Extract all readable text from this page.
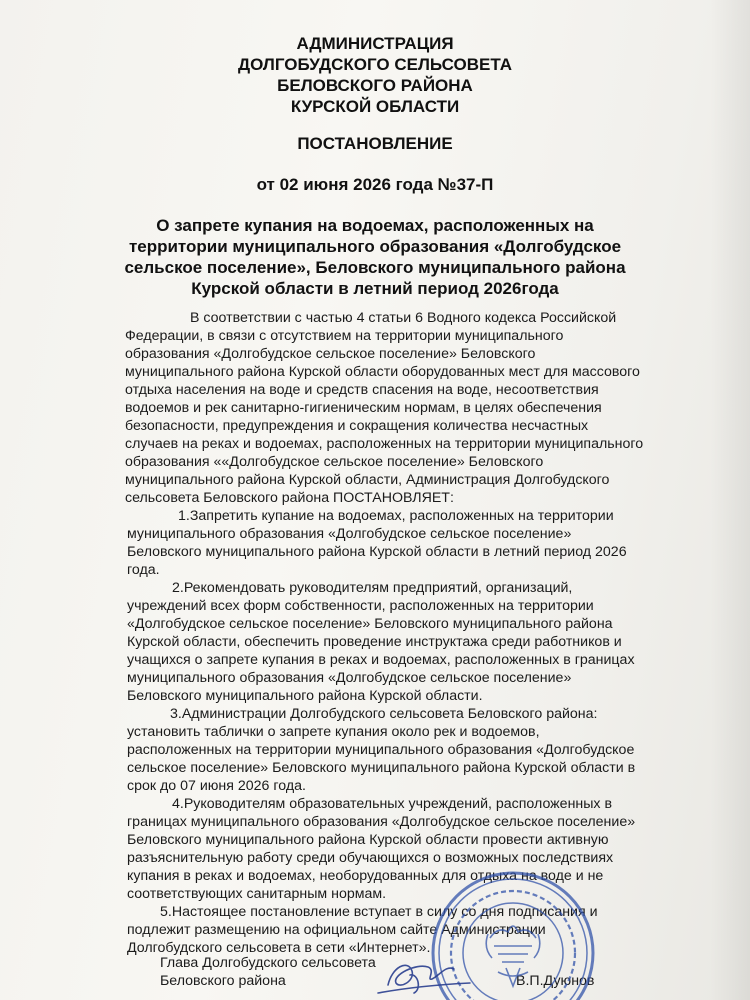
АДМИНИСТРАЦИЯ
ДОЛГОБУДСКОГО СЕЛЬСОВЕТА
БЕЛОВСКОГО РАЙОНА
КУРСКОЙ ОБЛАСТИ
ПОСТАНОВЛЕНИЕ
от 02 июня 2026 года №37-П
О запрете купания на водоемах, расположенных на
территории муниципального образования «Долгобудское
сельское поселение», Беловского муниципального района
Курской области в летний период 2026года
В соответствии с частью 4 статьи 6 Водного кодекса Российской
Федерации, в связи с отсутствием на территории муниципального
образования «Долгобудское сельское поселение» Беловского
муниципального района Курской области оборудованных мест для массового
отдыха населения на воде и средств спасения на воде, несоответствия
водоемов и рек санитарно-гигиеническим нормам, в целях обеспечения
безопасности, предупреждения и сокращения количества несчастных
случаев на реках и водоемах, расположенных на территории муниципального
образования ««Долгобудское сельское поселение» Беловского
муниципального района Курской области, Администрация Долгобудского
сельсовета Беловского района ПОСТАНОВЛЯЕТ:
1.Запретить купание на водоемах, расположенных на территории
муниципального образования «Долгобудское сельское поселение»
Беловского муниципального района Курской области в летний период 2026
года.
2.Рекомендовать руководителям предприятий, организаций,
учреждений всех форм собственности, расположенных на территории
«Долгобудское сельское поселение» Беловского муниципального района
Курской области, обеспечить проведение инструктажа среди работников и
учащихся о запрете купания в реках и водоемах, расположенных в границах
муниципального образования «Долгобудское сельское поселение»
Беловского муниципального района Курской области.
3.Администрации Долгобудского сельсовета Беловского района:
установить таблички о запрете купания около рек и водоемов,
расположенных на территории муниципального образования «Долгобудское
сельское поселение» Беловского муниципального района Курской области в
срок до 07 июня 2026 года.
4.Руководителям образовательных учреждений, расположенных в
границах муниципального образования «Долгобудское сельское поселение»
Беловского муниципального района Курской области провести активную
разъяснительную работу среди обучающихся о возможных последствиях
купания в реках и водоемах, необорудованных для отдыха на воде и не
соответствующих санитарным нормам.
5.Настоящее постановление вступает в силу со дня подписания и
подлежит размещению на официальном сайте Администрации
Долгобудского сельсовета в сети «Интернет».
Глава Долгобудского сельсовета
Беловского района	В.П.Дуюнов
